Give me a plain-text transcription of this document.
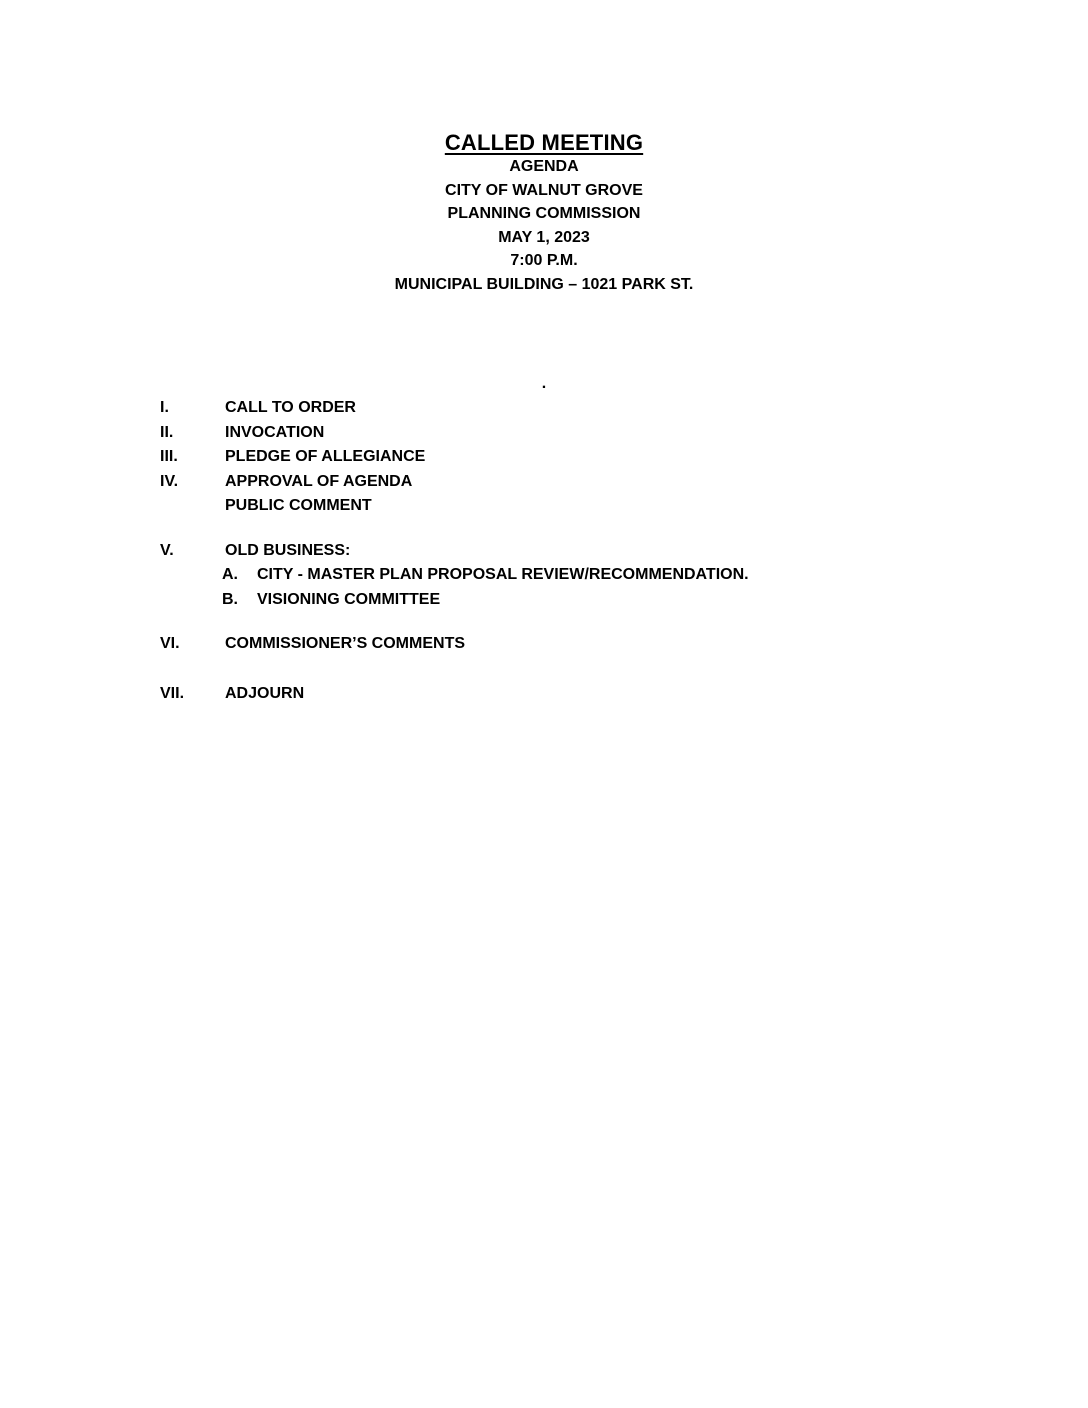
CALLED MEETING
AGENDA
CITY OF WALNUT GROVE
PLANNING COMMISSION
MAY 1, 2023
7:00 P.M.
MUNICIPAL BUILDING – 1021 PARK ST.
.
I.	CALL TO ORDER
II.	INVOCATION
III.	PLEDGE OF ALLEGIANCE
IV.	APPROVAL OF AGENDA
PUBLIC COMMENT
V.	OLD BUSINESS:
A.	CITY - MASTER PLAN PROPOSAL REVIEW/RECOMMENDATION.
B.	VISIONING COMMITTEE
VI.	COMMISSIONER’S COMMENTS
VII.	ADJOURN
